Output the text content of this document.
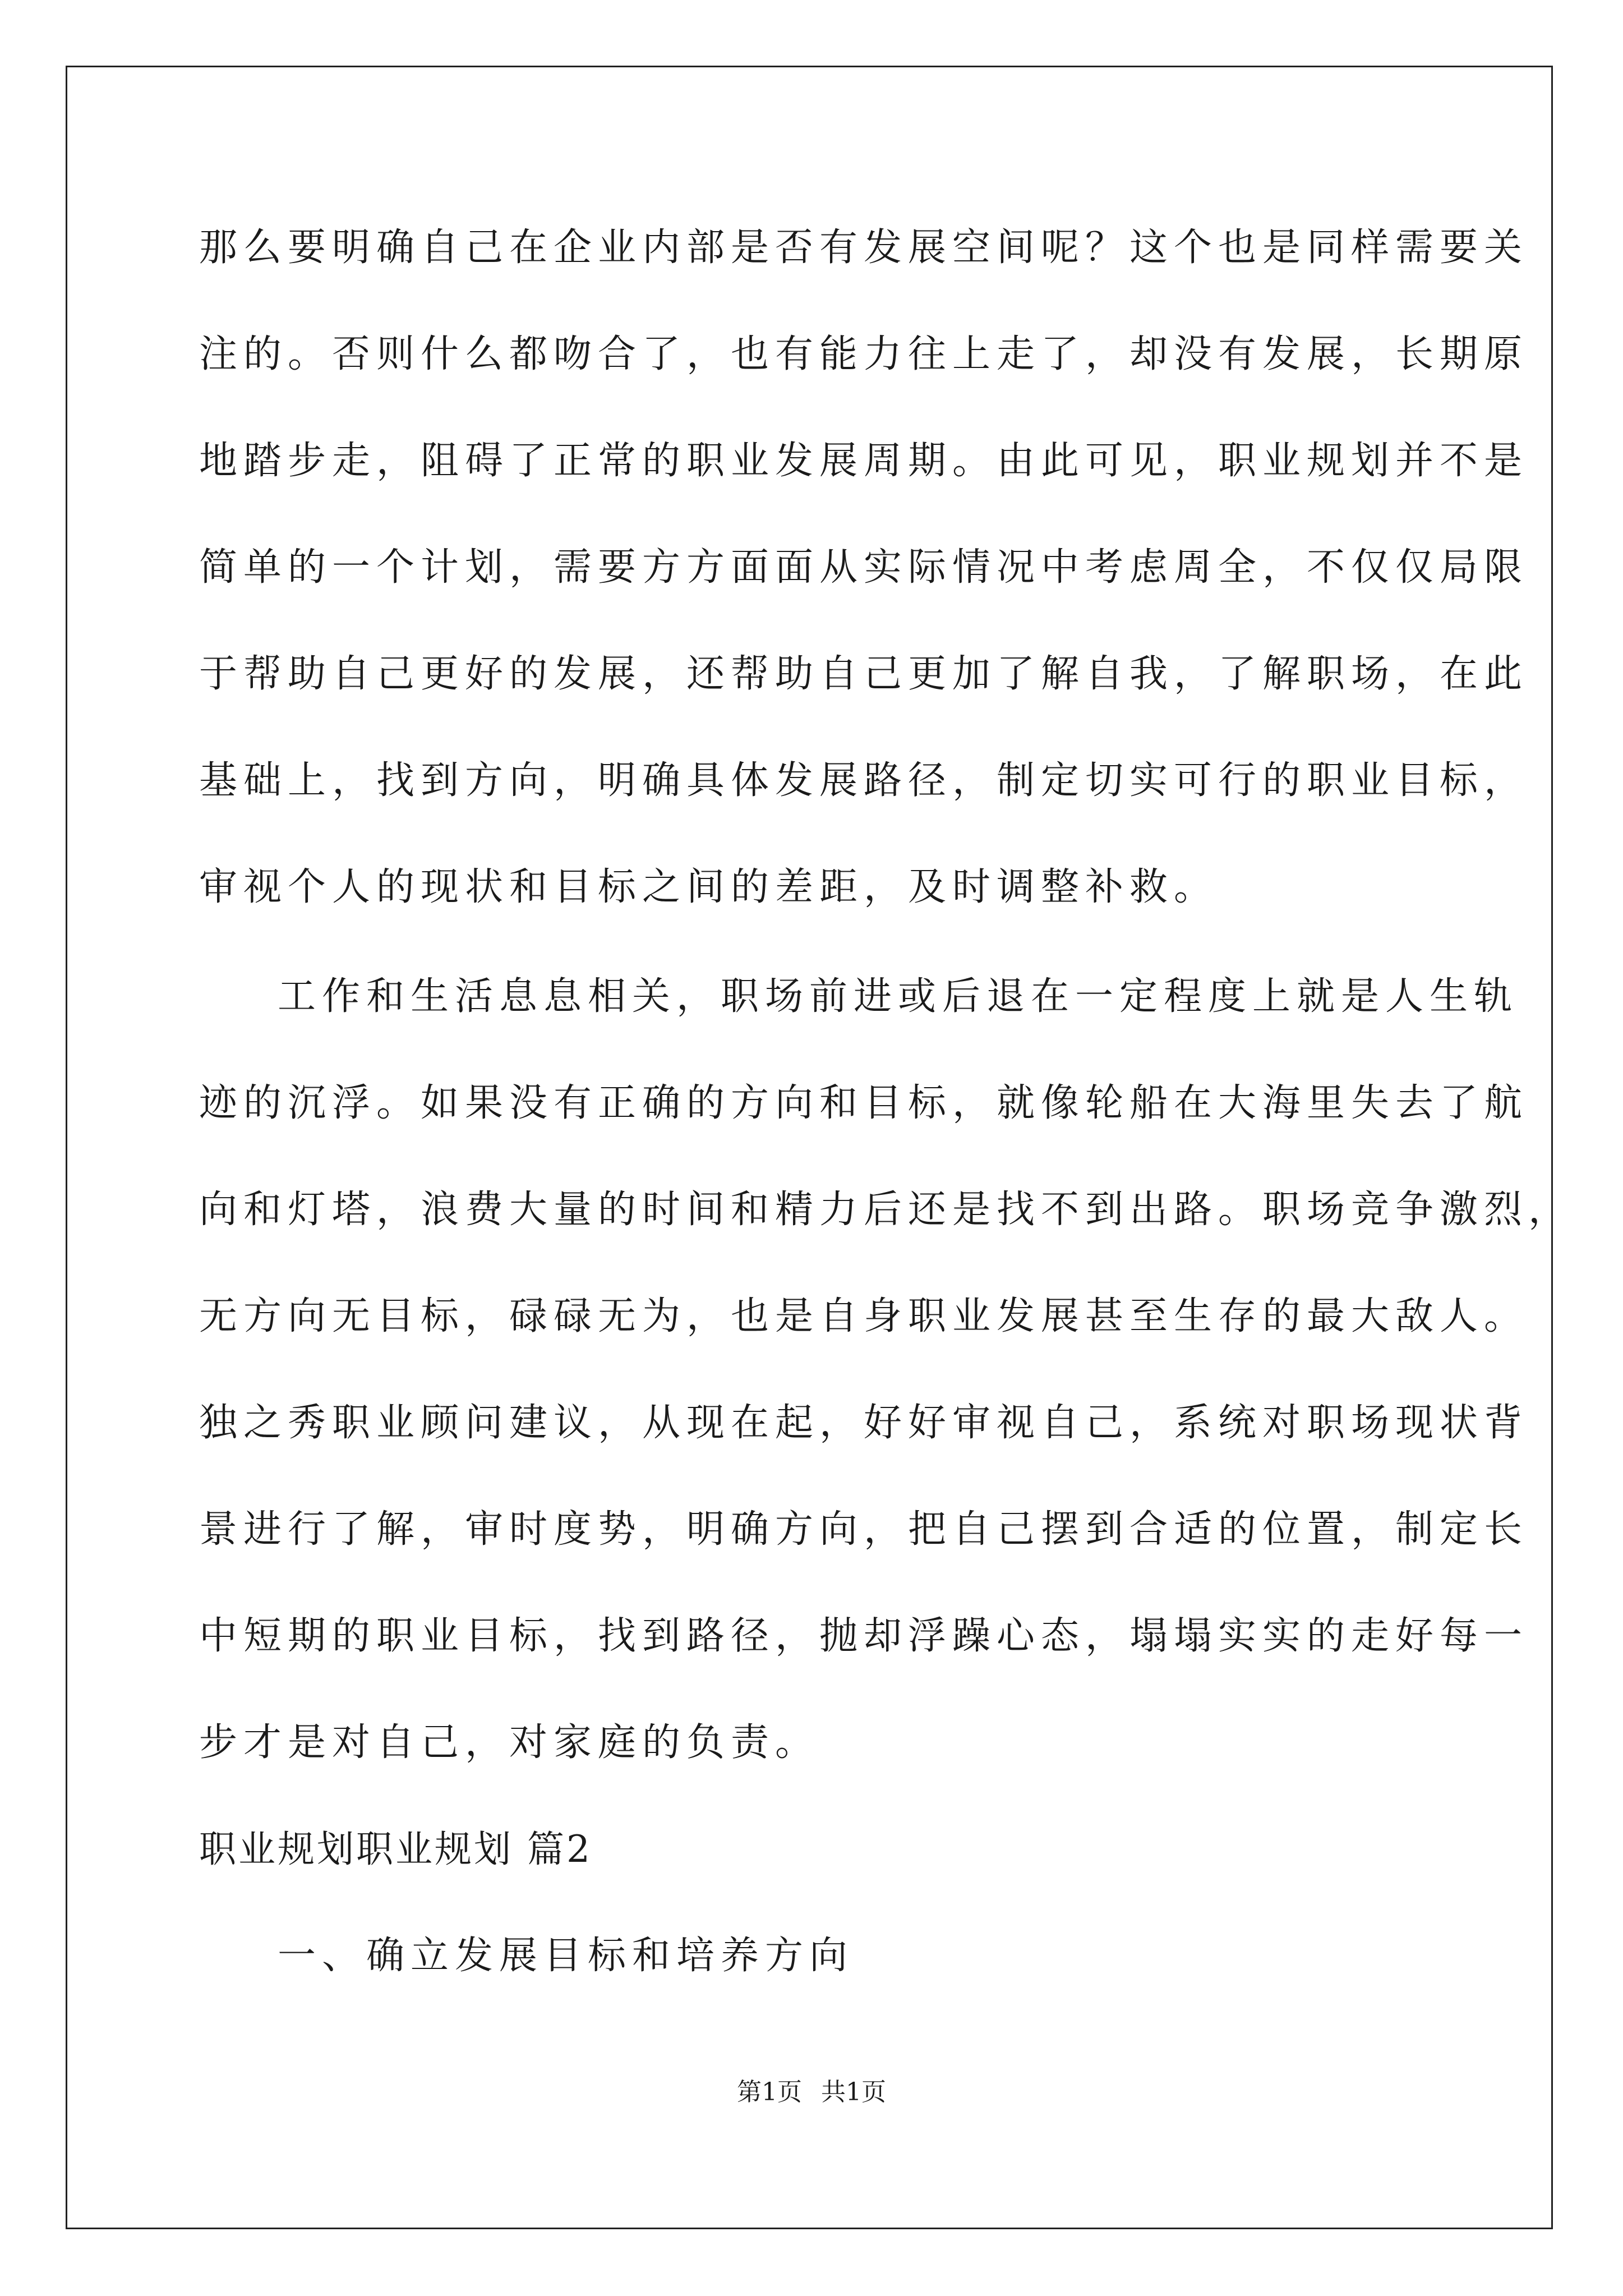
那么要明确自己在企业内部是否有发展空间呢？这个也是同样需要关
注的。否则什么都吻合了，也有能力往上走了，却没有发展，长期原
地踏步走，阻碍了正常的职业发展周期。由此可见，职业规划并不是
简单的一个计划，需要方方面面从实际情况中考虑周全，不仅仅局限
于帮助自己更好的发展，还帮助自己更加了解自我，了解职场，在此
基础上，找到方向，明确具体发展路径，制定切实可行的职业目标，
审视个人的现状和目标之间的差距，及时调整补救。
工作和生活息息相关，职场前进或后退在一定程度上就是人生轨
迹的沉浮。如果没有正确的方向和目标，就像轮船在大海里失去了航
向和灯塔，浪费大量的时间和精力后还是找不到出路。职场竞争激烈，
无方向无目标，碌碌无为，也是自身职业发展甚至生存的最大敌人。
独之秀职业顾问建议，从现在起，好好审视自己，系统对职场现状背
景进行了解，审时度势，明确方向，把自己摆到合适的位置，制定长
中短期的职业目标，找到路径，抛却浮躁心态，塌塌实实的走好每一
步才是对自己，对家庭的负责。
职业规划职业规划 篇2
一、确立发展目标和培养方向
第1页 共1页
